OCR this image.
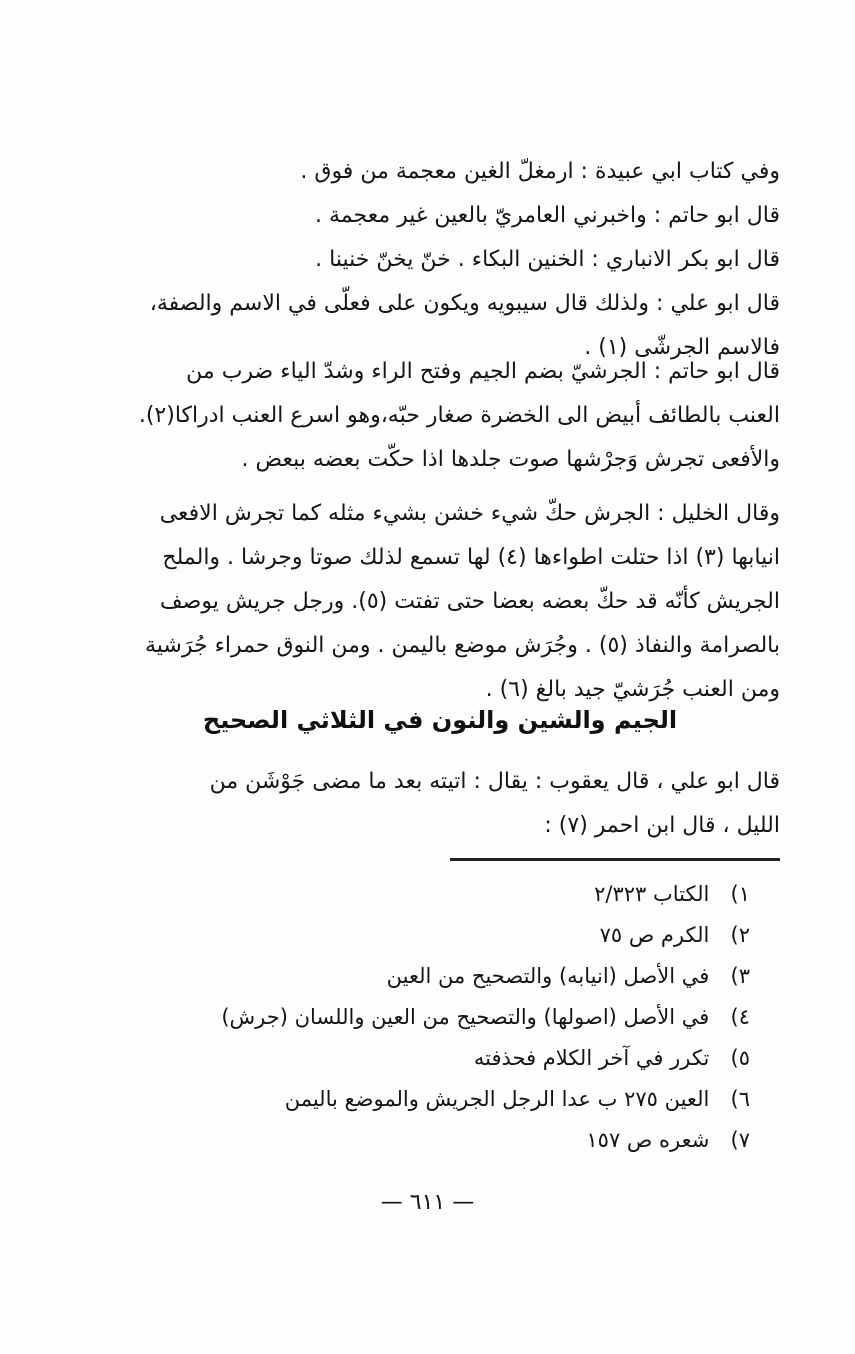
وفي كتاب ابي عبيدة : ارمغلّ الغين معجمة من فوق .
قال ابو حاتم : واخبرني العامريّ بالعين غير معجمة .
قال ابو بكر الانباري : الخنين البكاء . خنّ يخنّ خنينا .
قال ابو علي : ولذلك قال سيبويه ويكون على فعلّى في الاسم والصفة،
فالاسم الجرشّى (١) .
قال ابو حاتم : الجرشيّ بضم الجيم وفتح الراء وشدّ الياء ضرب من
العنب بالطائف أبيض الى الخضرة صغار حبّه،وهو اسرع العنب ادراكا(٢).
والأفعى تجرش وَجرْشها صوت جلدها اذا حكّت بعضه ببعض .
وقال الخليل : الجرش حكّ شيء خشن بشيء مثله كما تجرش الافعى
انيابها (٣) اذا حتلت اطواءها (٤) لها تسمع لذلك صوتا وجرشا . والملح
الجريش كأنّه قد حكّ بعضه بعضا حتى تفتت (٥). ورجل جريش يوصف
بالصرامة والنفاذ (٥) . وجُرَش موضع باليمن . ومن النوق حمراء جُرَشية
ومن العنب جُرَشيّ جيد بالغ (٦) .
الجيم والشين والنون في الثلاثي الصحيح
قال ابو علي ، قال يعقوب : يقال : اتيته بعد ما مضى جَوْشَن من
الليل ، قال ابن احمر (٧) :
١) الكتاب ٢/٣٢٣
٢) الكرم ص ٧٥
٣) في الأصل (انيابه) والتصحيح من العين
٤) في الأصل (اصولها) والتصحيح من العين واللسان (جرش)
٥) تكرر في آخر الكلام فحذفته
٦) العين ٢٧٥ ب عدا الرجل الجريش والموضع باليمن
٧) شعره ص ١٥٧
— ٦١١ —
